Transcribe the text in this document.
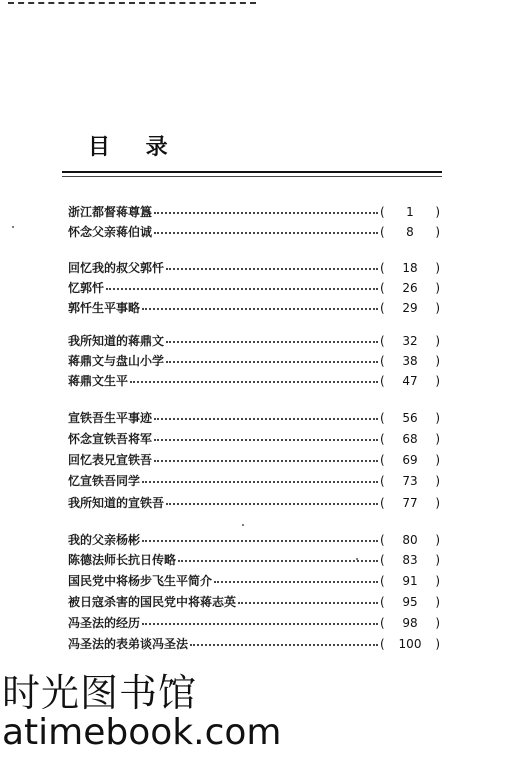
目 录
浙江都督蒋尊簋	(	1	)
怀念父亲蒋伯诚	(	8	)
回忆我的叔父郭忏	(	18	)
忆郭忏	(	26	)
郭忏生平事略	(	29	)
我所知道的蒋鼎文	(	32	)
蒋鼎文与盘山小学	(	38	)
蒋鼎文生平	(	47	)
宣铁吾生平事迹	(	56	)
怀念宣铁吾将军	(	68	)
回忆表兄宣铁吾	(	69	)
忆宣铁吾同学	(	73	)
我所知道的宣铁吾	(	77	)
我的父亲杨彬	(	80	)
陈德法师长抗日传略	(	83	)
国民党中将杨步飞生平简介	(	91	)
被日寇杀害的国民党中将蒋志英	(	95	)
冯圣法的经历	(	98	)
冯圣法的表弟谈冯圣法	(	100	)
时光图书馆
atimebook.com
